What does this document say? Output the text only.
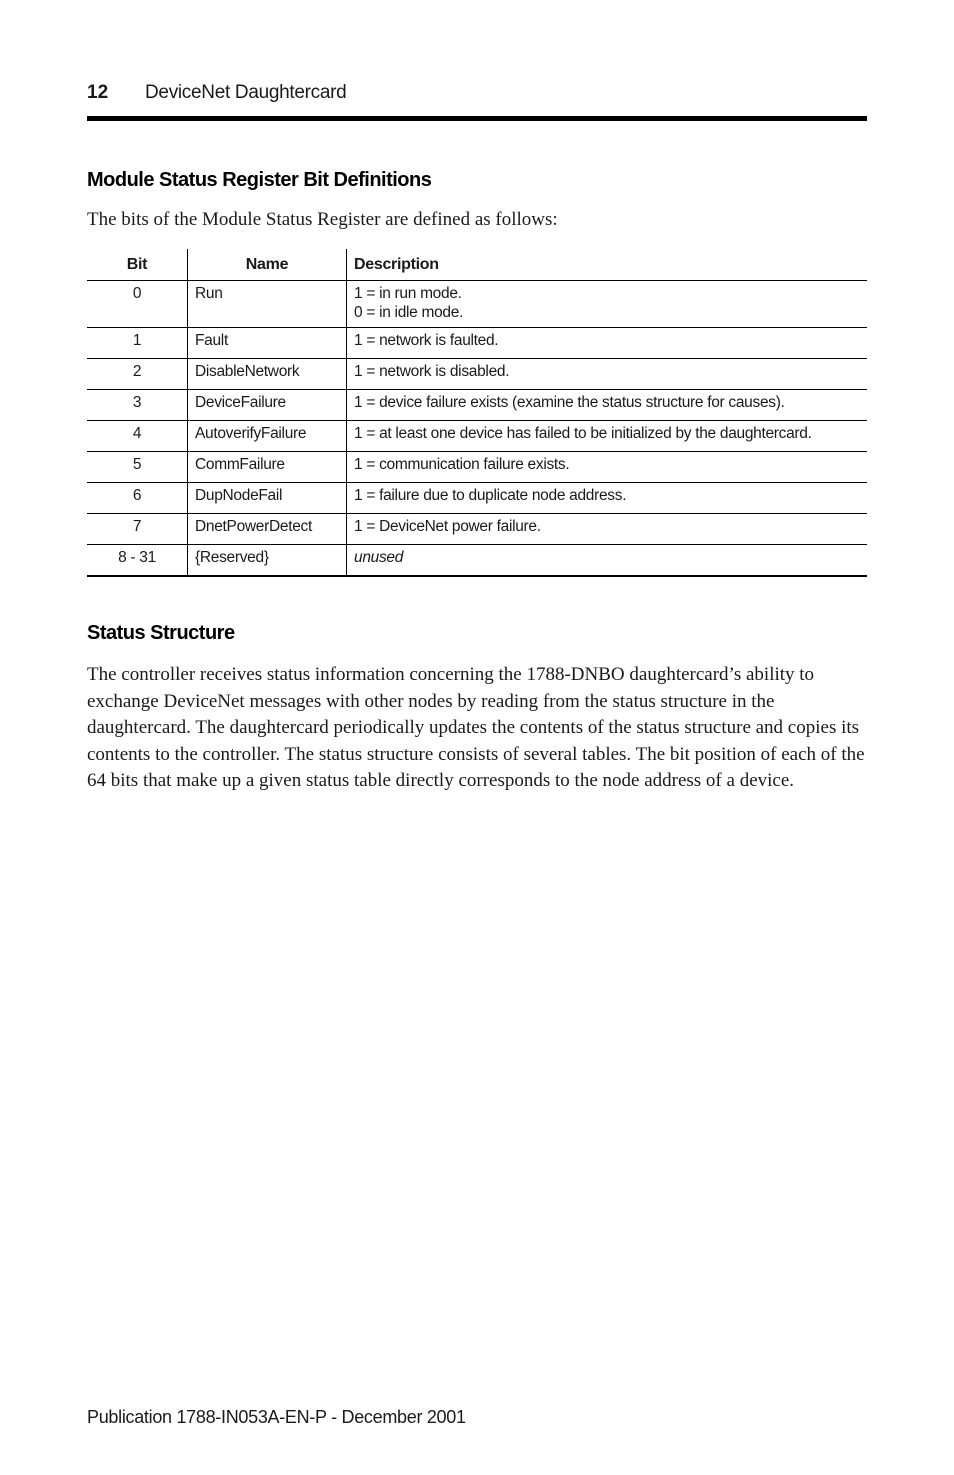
12 DeviceNet Daughtercard
Module Status Register Bit Definitions
The bits of the Module Status Register are defined as follows:
Bit	Name	Description
0	Run	1 = in run mode.
0 = in idle mode.

1	Fault	1 = network is faulted.
2	DisableNetwork	1 = network is disabled.
3	DeviceFailure	1 = device failure exists (examine the status structure for causes).
4	AutoverifyFailure	1 = at least one device has failed to be initialized by the daughtercard.
5	CommFailure	1 = communication failure exists.
6	DupNodeFail	1 = failure due to duplicate node address.
7	DnetPowerDetect	1 = DeviceNet power failure.
8 - 31	{Reserved}	unused
Status Structure
The controller receives status information concerning the 1788-DNBO daughtercard’s ability to exchange DeviceNet messages with other nodes by reading from the status structure in the daughtercard. The daughtercard periodically updates the contents of the status structure and copies its contents to the controller. The status structure consists of several tables. The bit position of each of the 64 bits that make up a given status table directly corresponds to the node address of a device.
Publication 1788-IN053A-EN-P - December 2001
